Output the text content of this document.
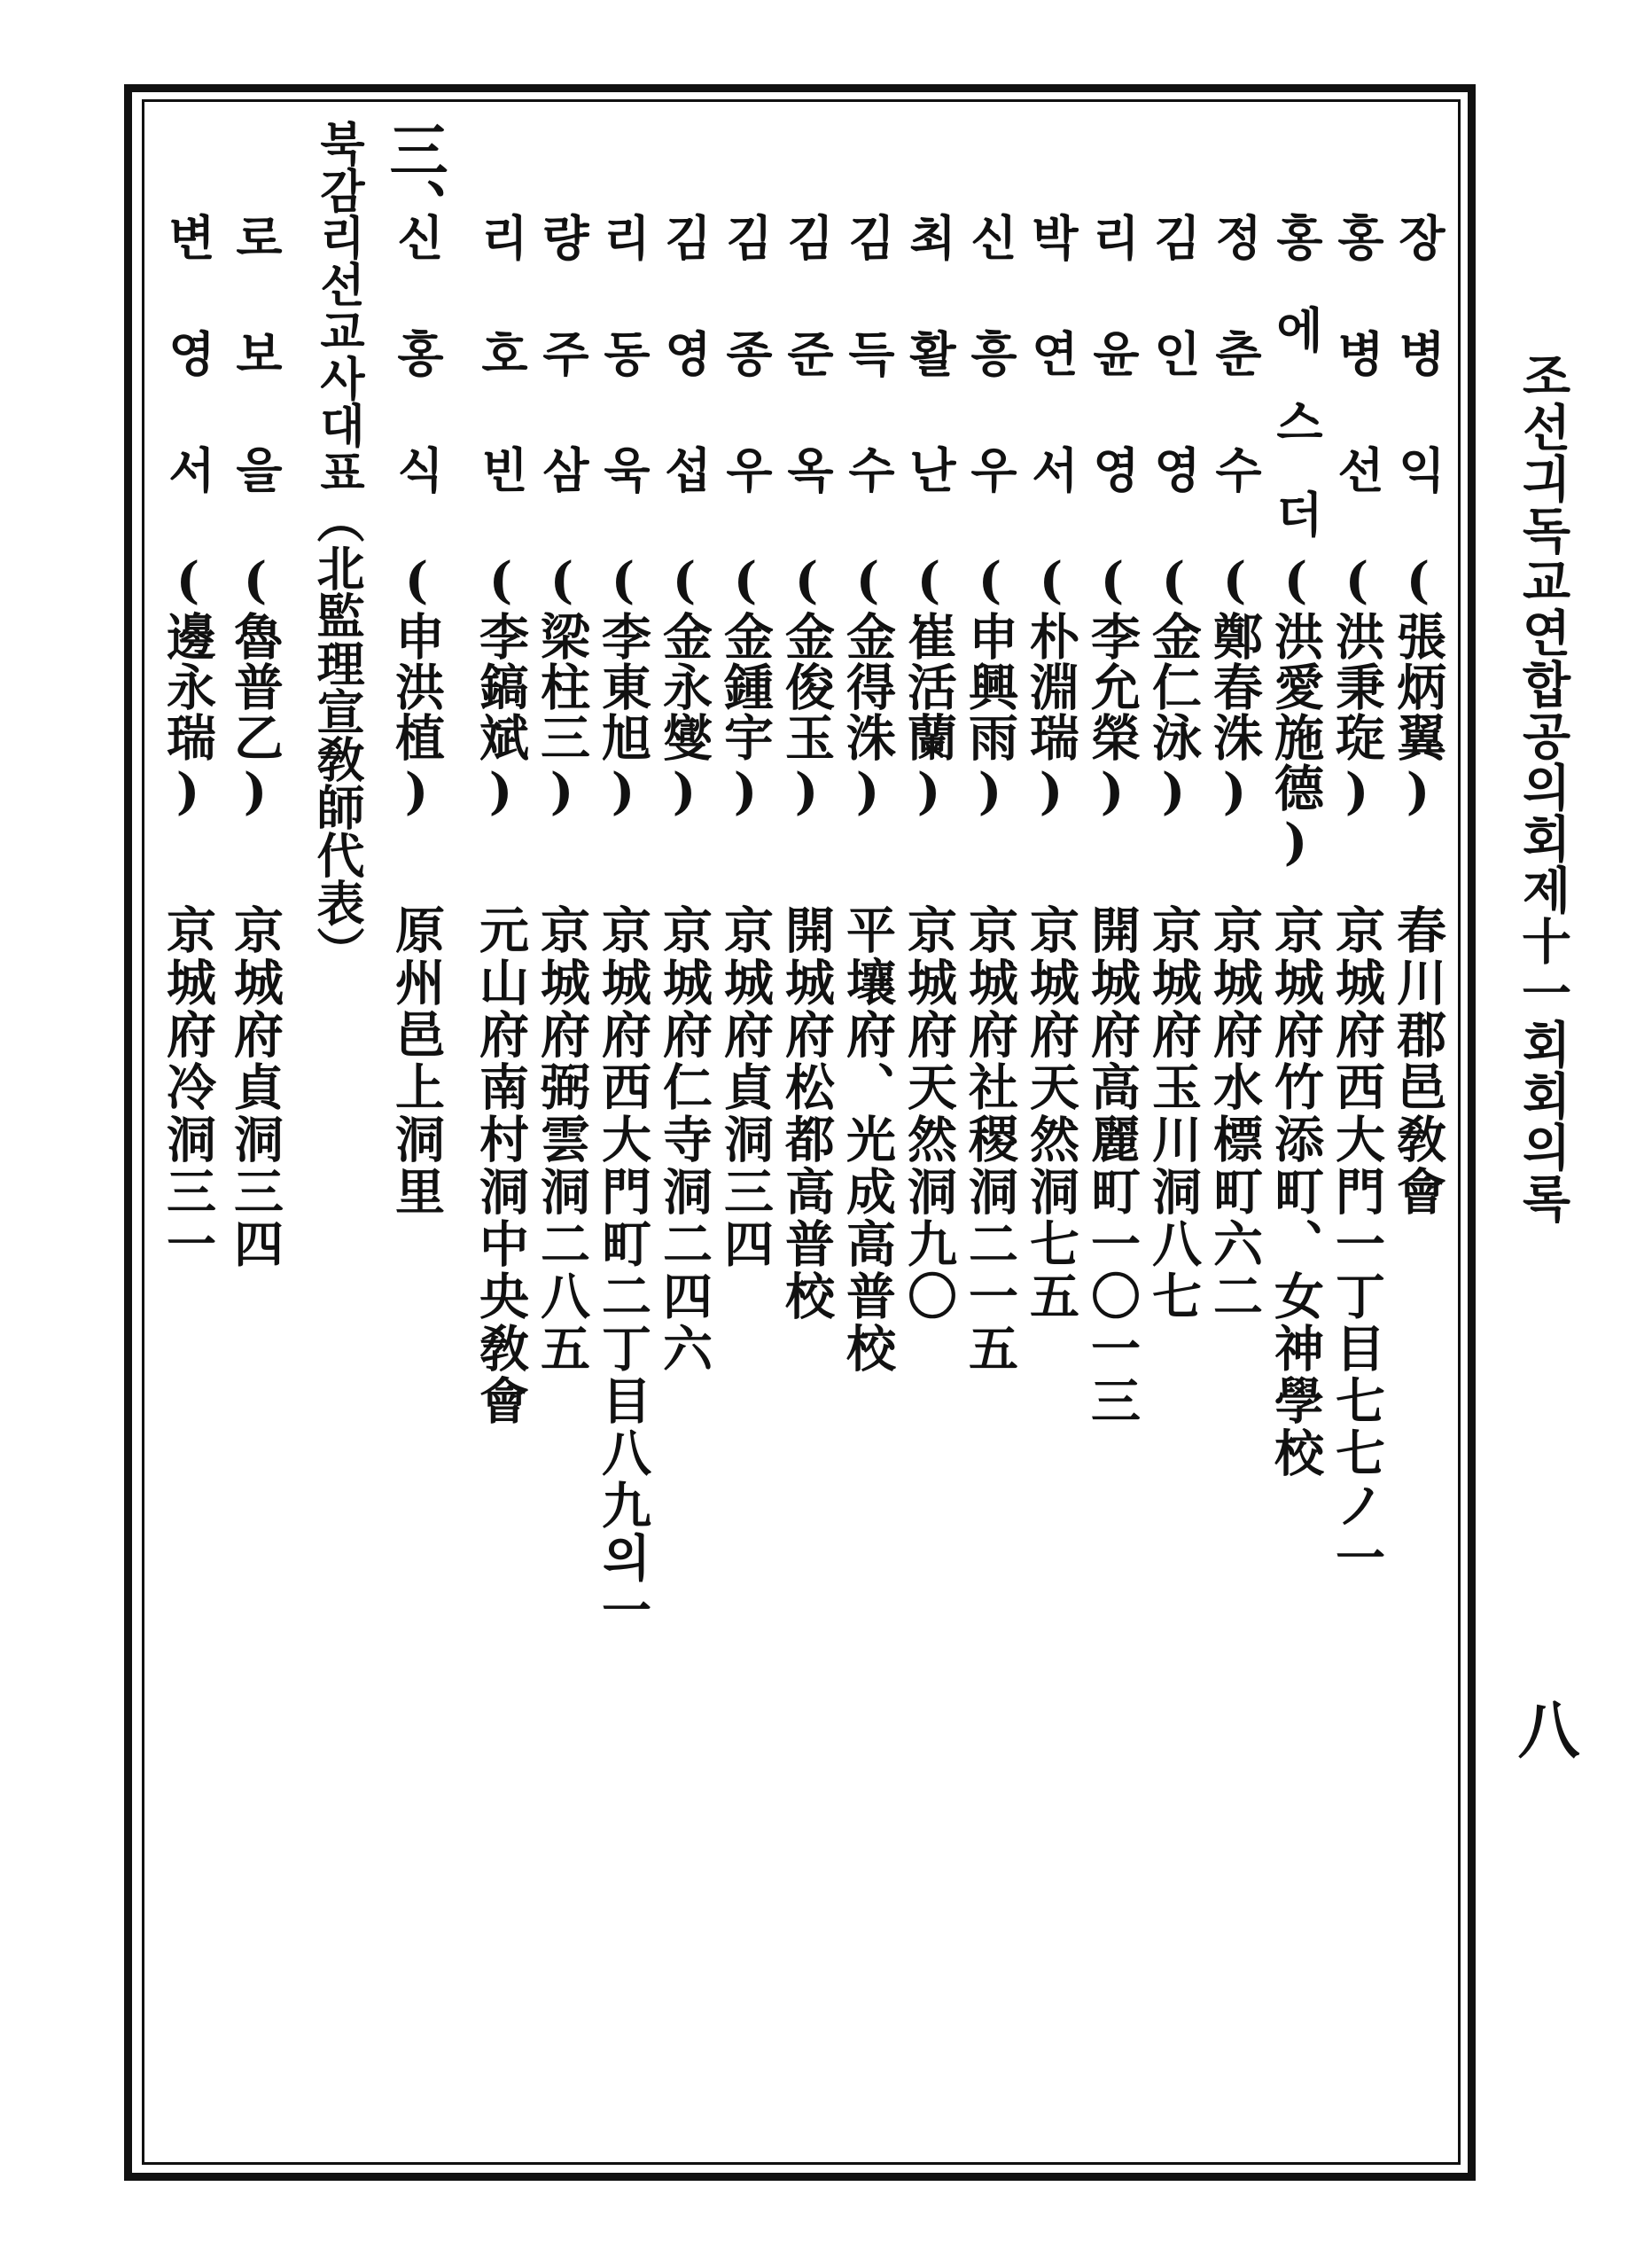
조선긔독교연합공의회제十一회회의록
八
장병익
(張炳翼)
春川郡邑敎會
홍병선
(洪秉琁)
京城府西大門一丁目七七ノ一
홍에스더
(洪愛施德)
京城府竹添町、女神學校
정춘수
(鄭春洙)
京城府水標町六二
김인영
(金仁泳)
京城府玉川洞八七
리윤영
(李允榮)
開城府高麗町一〇一三
박연서
(朴淵瑞)
京城府天然洞七五
신흥우
(申興雨)
京城府社稷洞二一五
최활난
(崔活蘭)
京城府天然洞九〇
김득수
(金得洙)
平壤府、光成高普校
김준옥
(金俊玉)
開城府松都高普校
김종우
(金鍾宇)
京城府貞洞三四
김영섭
(金永燮)
京城府仁寺洞二四六
리동욱
(李東旭)
京城府西大門町二丁目八九의一
량주삼
(梁柱三)
京城府弼雲洞二八五
리호빈
(李鎬斌)
元山府南村洞中央敎會
신홍식
(申洪植)
原州邑上洞里
三、
북감리선교사대표（北監理宣敎師代表）
로보을
(魯普乙)
京城府貞洞三四
변영서
(邊永瑞)
京城府冷洞三一
